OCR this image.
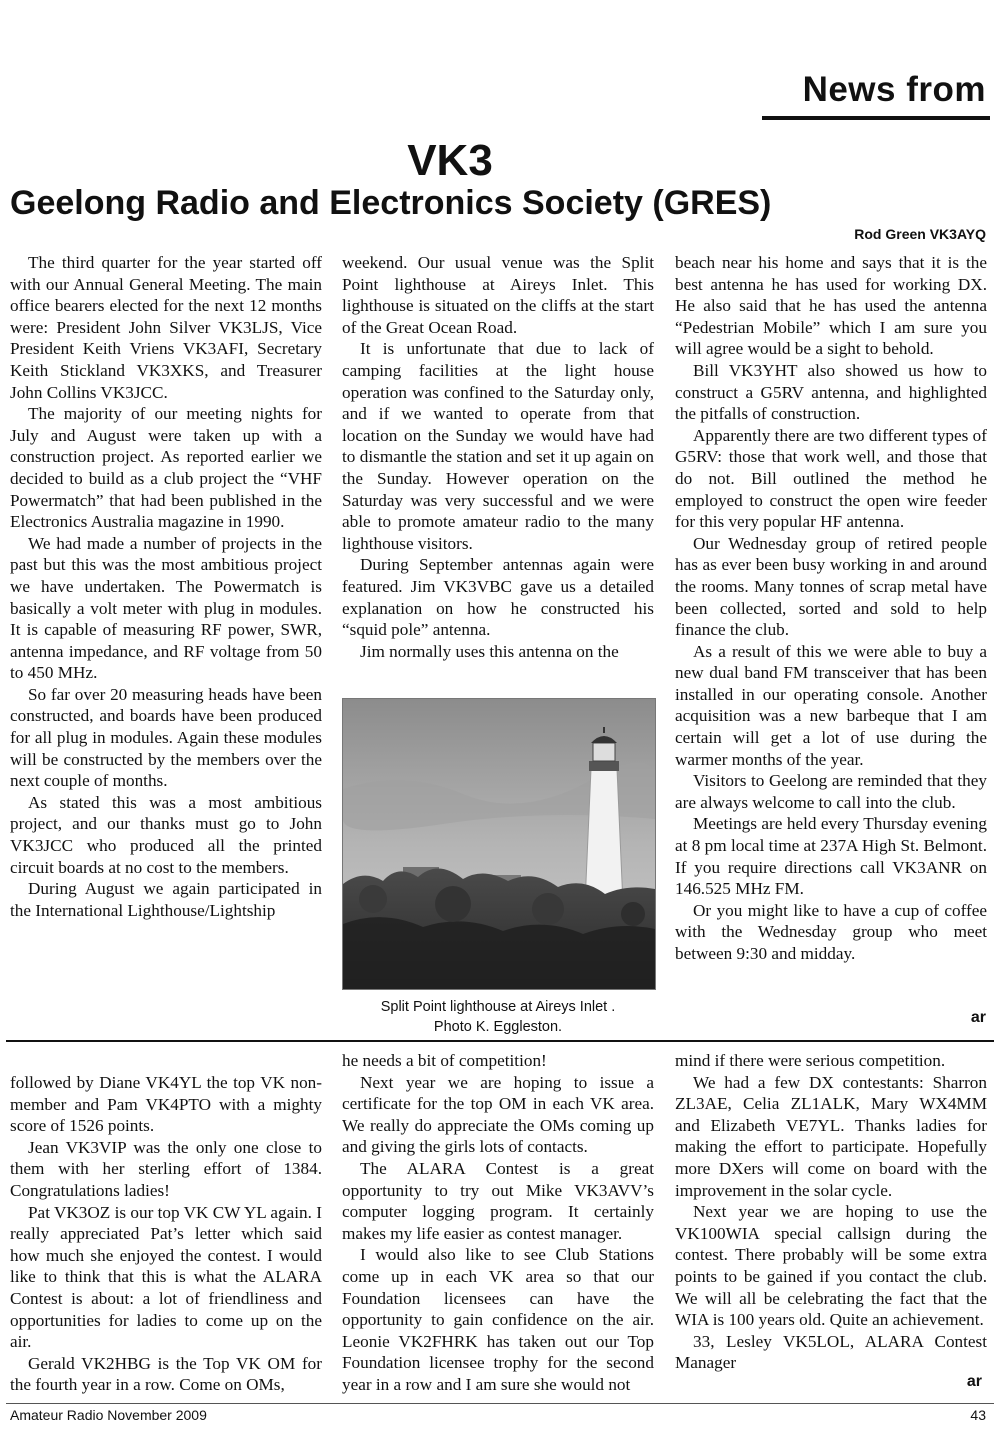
News from
VK3
Geelong Radio and Electronics Society (GRES)
Rod Green VK3AYQ

The third quarter for the year started off with our Annual General Meeting. The main office bearers elected for the next 12 months were: President John Silver VK3LJS, Vice President Keith Vriens VK3AFI, Secretary Keith Stickland VK3XKS, and Treasurer John Collins VK3JCC.

The majority of our meeting nights for July and August were taken up with a construction project. As reported earlier we decided to build as a club project the “VHF Powermatch” that had been published in the Electronics Australia magazine in 1990.

We had made a number of projects in the past but this was the most ambitious project we have undertaken. The Powermatch is basically a volt meter with plug in modules. It is capable of measuring RF power, SWR, antenna impedance, and RF voltage from 50 to 450 MHz.

So far over 20 measuring heads have been constructed, and boards have been produced for all plug in modules. Again these modules will be constructed by the members over the next couple of months.

As stated this was a most ambitious project, and our thanks must go to John VK3JCC who produced all the printed circuit boards at no cost to the members.

During August we again participated in the International Lighthouse/Lightship

weekend. Our usual venue was the Split Point lighthouse at Aireys Inlet. This lighthouse is situated on the cliffs at the start of the Great Ocean Road.

It is unfortunate that due to lack of camping facilities at the light house operation was confined to the Saturday only, and if we wanted to operate from that location on the Sunday we would have had to dismantle the station and set it up again on the Sunday. However operation on the Saturday was very successful and we were able to promote amateur radio to the many lighthouse visitors.

During September antennas again were featured. Jim VK3VBC gave us a detailed explanation on how he constructed his “squid pole” antenna.

Jim normally uses this antenna on the

Split Point lighthouse at Aireys Inlet .
Photo K. Eggleston.

beach near his home and says that it is the best antenna he has used for working DX. He also said that he has used the antenna “Pedestrian Mobile” which I am sure you will agree would be a sight to behold.

Bill VK3YHT also showed us how to construct a G5RV antenna, and highlighted the pitfalls of construction.

Apparently there are two different types of G5RV: those that work well, and those that do not. Bill outlined the method he employed to construct the open wire feeder for this very popular HF antenna.

Our Wednesday group of retired people has as ever been busy working in and around the rooms. Many tonnes of scrap metal have been collected, sorted and sold to help finance the club.

As a result of this we were able to buy a new dual band FM transceiver that has been installed in our operating console. Another acquisition was a new barbeque that I am certain will get a lot of use during the warmer months of the year.

Visitors to Geelong are reminded that they are always welcome to call into the club.

Meetings are held every Thursday evening at 8 pm local time at 237A High St. Belmont. If you require directions call VK3ANR on 146.525 MHz FM.

Or you might like to have a cup of coffee with the Wednesday group who meet between 9:30 and midday.

ar

followed by Diane VK4YL the top VK non-member and Pam VK4PTO with a mighty score of 1526 points.

Jean VK3VIP was the only one close to them with her sterling effort of 1384. Congratulations ladies!

Pat VK3OZ is our top VK CW YL again. I really appreciated Pat’s letter which said how much she enjoyed the contest. I would like to think that this is what the ALARA Contest is about: a lot of friendliness and opportunities for ladies to come up on the air.

Gerald VK2HBG is the Top VK OM for the fourth year in a row. Come on OMs,

he needs a bit of competition!

Next year we are hoping to issue a certificate for the top OM in each VK area. We really do appreciate the OMs coming up and giving the girls lots of contacts.

The ALARA Contest is a great opportunity to try out Mike VK3AVV’s computer logging program. It certainly makes my life easier as contest manager.

I would also like to see Club Stations come up in each VK area so that our Foundation licensees can have the opportunity to gain confidence on the air. Leonie VK2FHRK has taken out our Top Foundation licensee trophy for the second year in a row and I am sure she would not

mind if there were serious competition.

We had a few DX contestants: Sharron ZL3AE, Celia ZL1ALK, Mary WX4MM and Elizabeth VE7YL. Thanks ladies for making the effort to participate. Hopefully more DXers will come on board with the improvement in the solar cycle.

Next year we are hoping to use the VK100WIA special callsign during the contest. There probably will be some extra points to be gained if you contact the club. We will all be celebrating the fact that the WIA is 100 years old. Quite an achievement.

33, Lesley VK5LOL, ALARA Contest Manager

ar
Amateur Radio November 2009	43
